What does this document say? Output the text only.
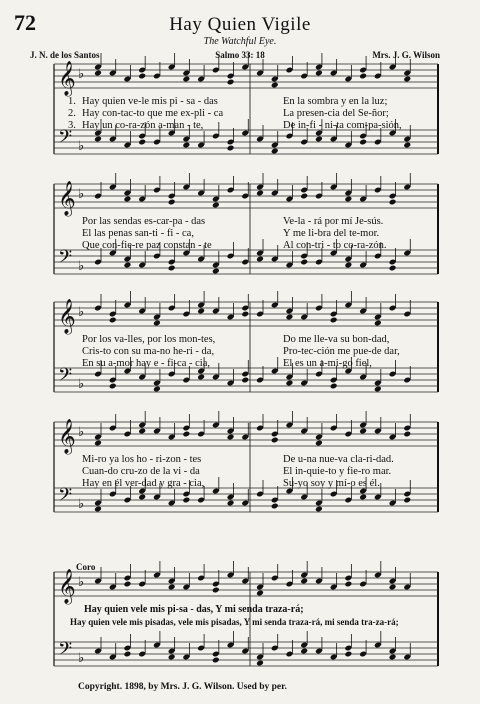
72	Hay Quien Vigile
The Watchful Eye.
J. N. de los Santos	Salmo 33: 18	Mrs. J. G. Wilson
𝄞 ♭
𝄢 ♭
1. Hay quien ve-le mis pi - sa - das	En la sombra y en la luz;
2. Hay con-tac-to que me ex-pli - ca	La presen-cia del Se-ñor;
3. Hay un co-ra-zón a-man - te,	De in-fi - ni-ta com-pa-sión,
𝄞 ♭
𝄢 ♭
Por las sendas es-car-pa - das	Ve-la - rá por mí Je-sús.
El las penas san-ti - fi - ca,	Y me li-bra del te-mor.
Que con-fie-re paz constan - te	Al con-tri - to co-ra-zón.
𝄞 ♭
𝄢 ♭
Por los va-lles, por los mon-tes,	Do me lle-va su bon-dad,
Cris-to con su ma-no he-ri - da,	Pro-tec-ción me pue-de dar,
En su a-mor hay e - fi-ca - cia,	El es un a-mi-go fiel,
𝄞 ♭
𝄢 ♭
Mi-ro ya los ho - ri-zon - tes	De u-na nue-va cla-ri-dad.
Cuan-do cru-zo de la vi - da	El in-quie-to y fie-ro mar.
Hay en él ver-dad y gra - cia,	Su-yo soy y mí-o es él.
Coro
𝄞 ♭
𝄢 ♭
Hay quien vele mis pi-sa - das, Y mi senda traza-rá;
Hay quien vele mis pisadas, vele mis pisadas, Y mi senda traza-rá, mi senda tra-za-rá;
Copyright. 1898, by Mrs. J. G. Wilson. Used by per.
